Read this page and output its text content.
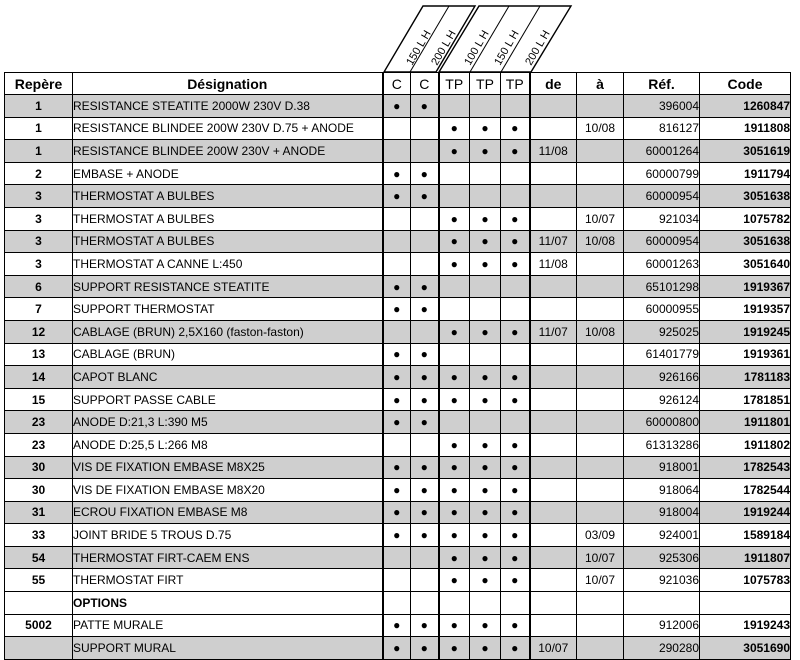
150 L H
200 L H 100 L H 150 L H 200 L H
Repère	Désignation	C	C	TP	TP	TP	de	à	Réf.	Code
1	RESISTANCE STEATITE 2000W 230V D.38	●	●						396004	1260847
1	RESISTANCE BLINDEE 200W 230V D.75 + ANODE			●	●	●		10/08	816127	1911808
1	RESISTANCE BLINDEE 200W 230V + ANODE			●	●	●	11/08		60001264	3051619
2	EMBASE + ANODE	●	●						60000799	1911794
3	THERMOSTAT A BULBES	●	●						60000954	3051638
3	THERMOSTAT A BULBES			●	●	●		10/07	921034	1075782
3	THERMOSTAT A BULBES			●	●	●	11/07	10/08	60000954	3051638
3	THERMOSTAT A CANNE L:450			●	●	●	11/08		60001263	3051640
6	SUPPORT RESISTANCE STEATITE	●	●						65101298	1919367
7	SUPPORT THERMOSTAT	●	●						60000955	1919357
12	CABLAGE (BRUN) 2,5X160 (faston-faston)			●	●	●	11/07	10/08	925025	1919245
13	CABLAGE (BRUN)	●	●						61401779	1919361
14	CAPOT BLANC	●	●	●	●	●			926166	1781183
15	SUPPORT PASSE CABLE	●	●	●	●	●			926124	1781851
23	ANODE D:21,3 L:390 M5	●	●						60000800	1911801
23	ANODE D:25,5 L:266 M8			●	●	●			61313286	1911802
30	VIS DE FIXATION EMBASE M8X25	●	●	●	●	●			918001	1782543
30	VIS DE FIXATION EMBASE M8X20	●	●	●	●	●			918064	1782544
31	ECROU FIXATION EMBASE M8	●	●	●	●	●			918004	1919244
33	JOINT BRIDE 5 TROUS D.75	●	●	●	●	●		03/09	924001	1589184
54	THERMOSTAT FIRT-CAEM ENS			●	●	●		10/07	925306	1911807
55	THERMOSTAT FIRT			●	●	●		10/07	921036	1075783
	OPTIONS									
5002	PATTE MURALE	●	●	●	●	●			912006	1919243
	SUPPORT MURAL	●	●	●	●	●	10/07		290280	3051690
